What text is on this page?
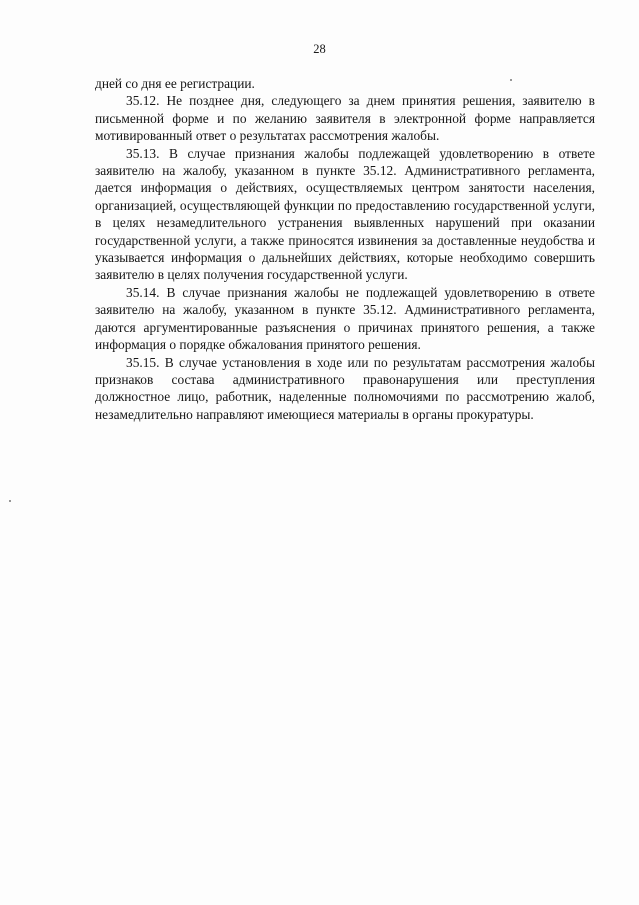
28

дней со дня ее регистрации.

35.12. Не позднее дня, следующего за днем принятия решения, заявителю в письменной форме и по желанию заявителя в электронной форме направляется мотивированный ответ о результатах рассмотрения жалобы.

35.13. В случае признания жалобы подлежащей удовлетворению в ответе заявителю на жалобу, указанном в пункте 35.12. Административного регламента, дается информация о действиях, осуществляемых центром занятости населения, организацией, осуществляющей функции по предоставлению государственной услуги, в целях незамедлительного устранения выявленных нарушений при оказании государственной услуги, а также приносятся извинения за доставленные неудобства и указывается информация о дальнейших действиях, которые необходимо совершить заявителю в целях получения государственной услуги.

35.14. В случае признания жалобы не подлежащей удовлетворению в ответе заявителю на жалобу, указанном в пункте 35.12. Административного регламента, даются аргументированные разъяснения о причинах принятого решения, а также информация о порядке обжалования принятого решения.

35.15. В случае установления в ходе или по результатам рассмотрения жалобы признаков состава административного правонарушения или преступления должностное лицо, работник, наделенные полномочиями по рассмотрению жалоб, незамедлительно направляют имеющиеся материалы в органы прокуратуры.
